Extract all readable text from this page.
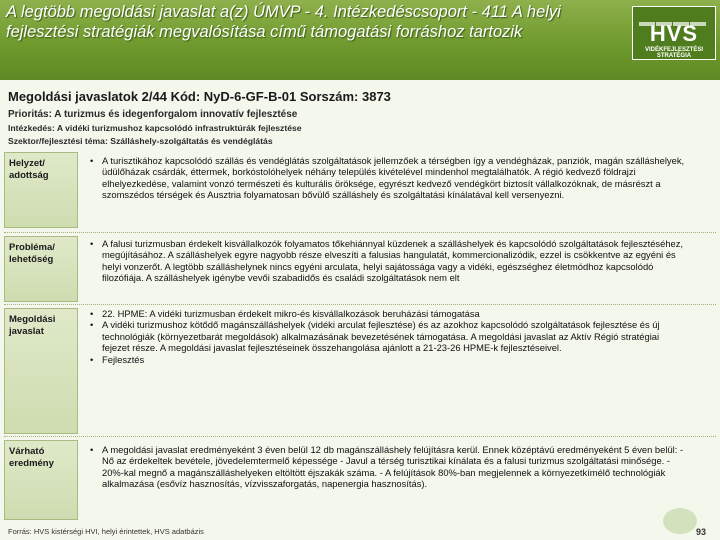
A legtöbb megoldási javaslat a(z) ÚMVP - 4. Intézkedéscsoport - 411 A helyi fejlesztési stratégiák megvalósítása című támogatási forráshoz tartozik	HVS
VIDÉKFEJLESZTÉSI STRATÉGIA
Megoldási javaslatok 2/44 Kód: NyD-6-GF-B-01 Sorszám: 3873
Prioritás: A turizmus és idegenforgalom innovatív fejlesztése
Intézkedés: A vidéki turizmushoz kapcsolódó infrastruktúrák fejlesztése
Szektor/fejlesztési téma: Szálláshely-szolgáltatás és vendéglátás
Helyzet/ adottság
• A turisztikához kapcsolódó szállás és vendéglátás szolgáltatások jellemzőek a térségben így a vendégházak, panziók, magán szálláshelyek, üdülőházak csárdák, éttermek, borkóstolóhelyek néhány település kivételével mindenhol megtalálhatók. A régió kedvező földrajzi elhelyezkedése, valamint vonzó természeti és kulturális öröksége, egyrészt kedvező vendégkört biztosít vállalkozóknak, de másrészt a szomszédos térségek és Ausztria folyamatosan bővülő szálláshely és szolgáltatási kínálatával kell versenyezni.
Probléma/ lehetőség
• A falusi turizmusban érdekelt kisvállalkozók folyamatos tőkehiánnyal küzdenek a szálláshelyek és kapcsolódó szolgáltatások fejlesztéséhez, megújításához. A szálláshelyek egyre nagyobb része elveszíti a falusias hangulatát, kommercionalizódik, ezzel is csökkentve az egyéni és helyi vonzerőt. A legtöbb szálláshelynek nincs egyéni arculata, helyi sajátossága vagy a vidéki, egészséghez életmódhoz kapcsolódó filozófiája. A szálláshelyek igénybe vevői szabadidős és családi szolgáltatások nem elt
Megoldási javaslat
• 22. HPME: A vidéki turizmusban érdekelt mikro-és kisvállalkozások beruházási támogatása
• A vidéki turizmushoz kötődő magánszálláshelyek (vidéki arculat fejlesztése) és az azokhoz kapcsolódó szolgáltatások fejlesztése és új technológiák (környezetbarát megoldások) alkalmazásának bevezetésének támogatása. A megoldási javaslat az Aktív Régió stratégiai fejezet része. A megoldási javaslat fejlesztéseinek összehangolása ajánlott a 21-23-26 HPME-k fejlesztéseivel.
• Fejlesztés
Várható eredmény
• A megoldási javaslat eredményeként 3 éven belül 12 db magánszálláshely felújításra kerül. Ennek középtávú eredményeként 5 éven belül: - Nő az érdekeltek bevétele, jövedelemtermelő képessége - Javul a térség turisztikai kínálata és a falusi turizmus szolgáltatási minősége. - 20%-kal megnő a magánszálláshelyeken eltöltött éjszakák száma. - A felújítások 80%-ban megjelennek a környezetkímélő technológiák alkalmazása (esővíz hasznosítás, vízvisszaforgatás, napenergia hasznosítás).
Forrás: HVS kistérségi HVI, helyi érintettek, HVS adatbázis	93
